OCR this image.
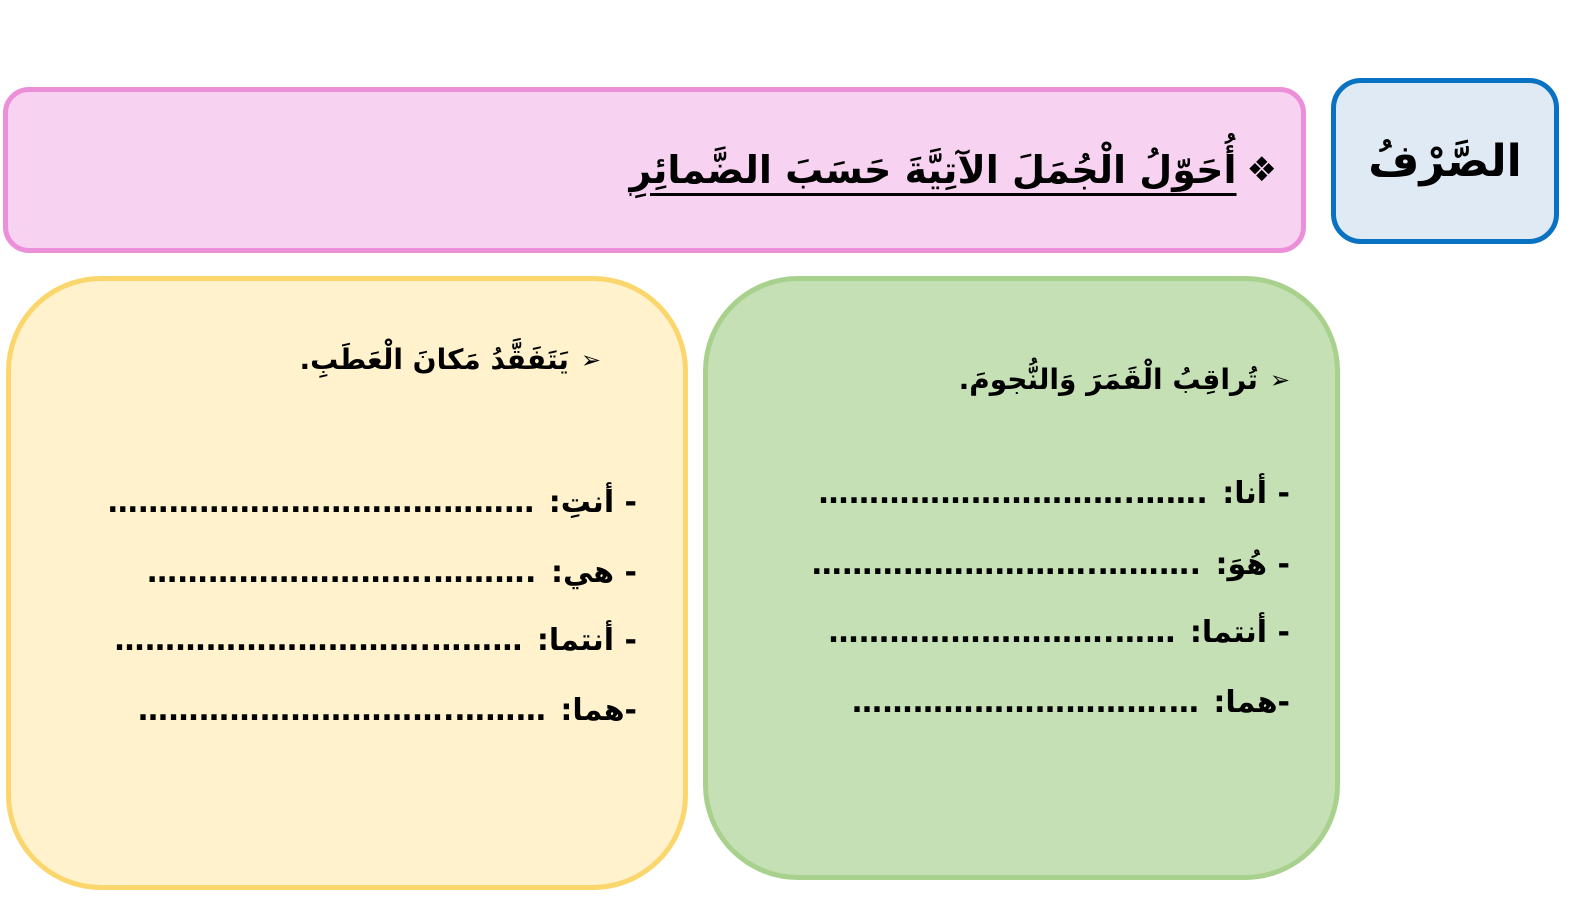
الصَّرْفُ
❖
أُحَوّلُ الْجُمَلَ الآتِيَّةَ حَسَبَ الضَّمائِرِ
➢
تُراقِبُ الْقَمَرَ وَالنُّجومَ.
- أنا:
………………………….…….
- هُوَ:
……………………….……….
- أنتما:
……………………….……
-هما:
………………………….…
➢
يَتَفَقَّدُ مَكانَ الْعَطَبِ.
- أنتِ:
……………………………………
- هي:
……………………….……….
- أنتما:
………………………….………
-هما:
………………………….………
